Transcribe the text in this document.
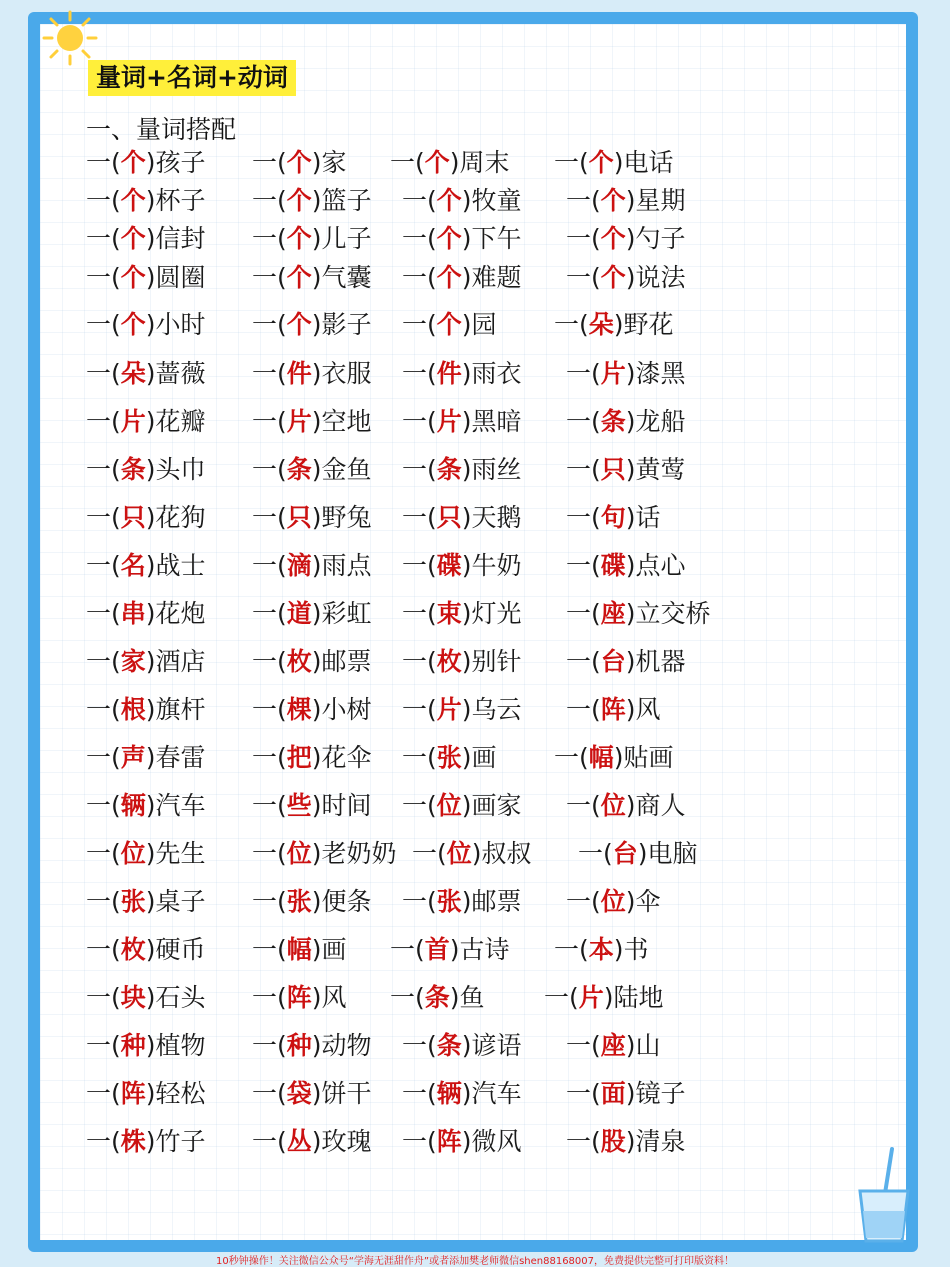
量词+名词+动词
一、量词搭配
一(个)孩子 一(个)家 一(个)周末 一(个)电话
一(个)杯子 一(个)篮子 一(个)牧童 一(个)星期
一(个)信封 一(个)儿子 一(个)下午 一(个)勺子
一(个)圆圈 一(个)气囊 一(个)难题 一(个)说法
一(个)小时 一(个)影子 一(个)园 一(朵)野花
一(朵)蔷薇 一(件)衣服 一(件)雨衣 一(片)漆黑
一(片)花瓣 一(片)空地 一(片)黑暗 一(条)龙船
一(条)头巾 一(条)金鱼 一(条)雨丝 一(只)黄莺
一(只)花狗 一(只)野兔 一(只)天鹅 一(句)话
一(名)战士 一(滴)雨点 一(碟)牛奶 一(碟)点心
一(串)花炮 一(道)彩虹 一(束)灯光 一(座)立交桥
一(家)酒店 一(枚)邮票 一(枚)别针 一(台)机器
一(根)旗杆 一(棵)小树 一(片)乌云 一(阵)风
一(声)春雷 一(把)花伞 一(张)画 一(幅)贴画
一(辆)汽车 一(些)时间 一(位)画家 一(位)商人
一(位)先生 一(位)老奶奶 一(位)叔叔 一(台)电脑
一(张)桌子 一(张)便条 一(张)邮票 一(位)伞
一(枚)硬币 一(幅)画 一(首)古诗 一(本)书
一(块)石头 一(阵)风 一(条)鱼 一(片)陆地
一(种)植物 一(种)动物 一(条)谚语 一(座)山
一(阵)轻松 一(袋)饼干 一(辆)汽车 一(面)镜子
一(株)竹子 一(丛)玫瑰 一(阵)微风 一(股)清泉
10秒钟操作！关注微信公众号“学海无涯甜作舟”或者添加樊老师微信shen88168007，免费提供完整可打印版资料！
